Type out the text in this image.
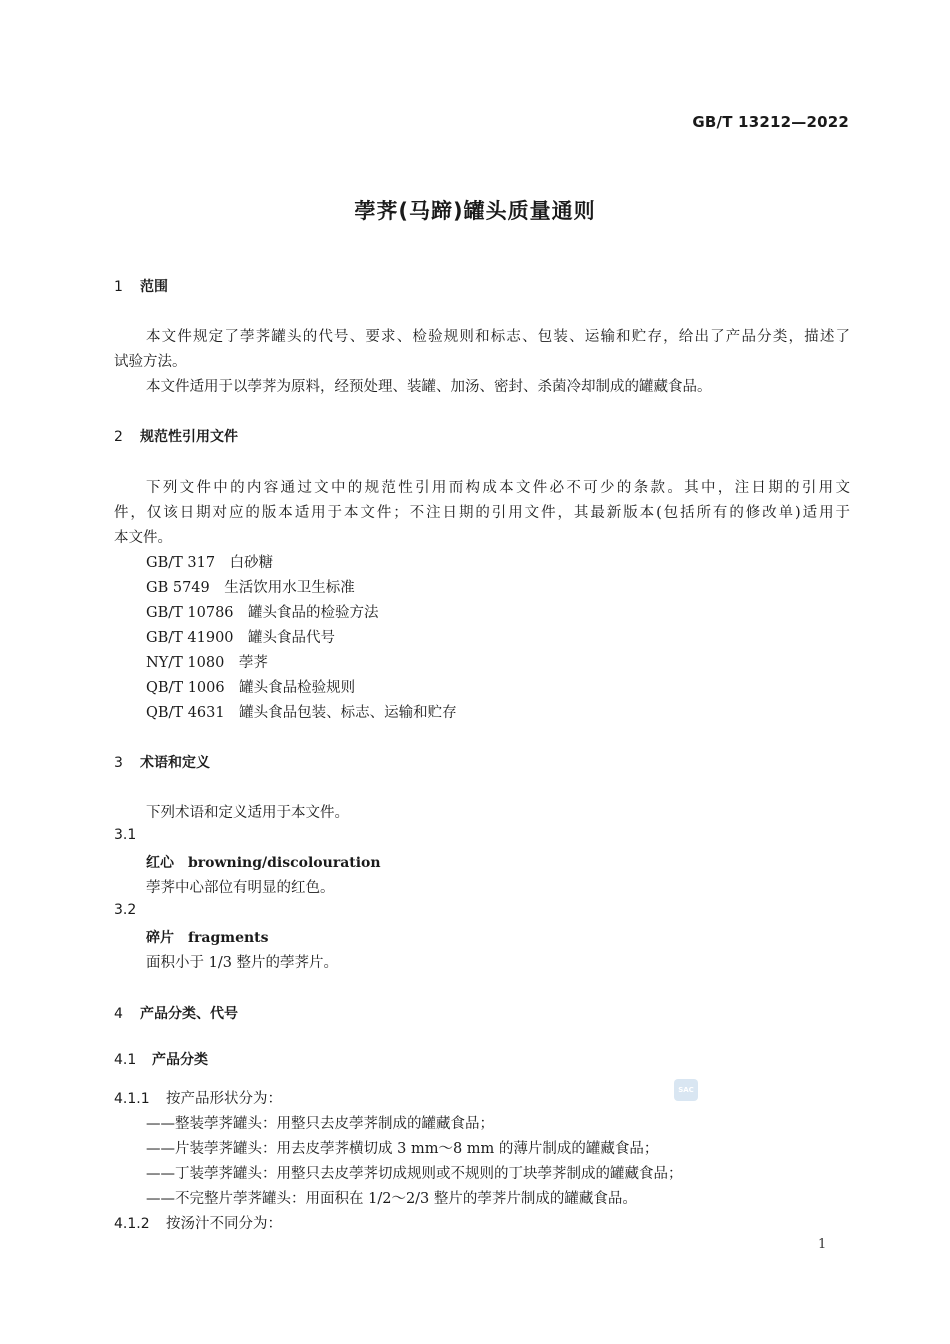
GB/T 13212—2022
荸荠(马蹄)罐头质量通则
1 范围
本文件规定了荸荠罐头的代号、要求、检验规则和标志、包装、运输和贮存，给出了产品分类，描述了
试验方法。
本文件适用于以荸荠为原料，经预处理、装罐、加汤、密封、杀菌冷却制成的罐藏食品。
2 规范性引用文件
下列文件中的内容通过文中的规范性引用而构成本文件必不可少的条款。其中，注日期的引用文
件，仅该日期对应的版本适用于本文件；不注日期的引用文件，其最新版本(包括所有的修改单)适用于
本文件。
GB/T 317　 白砂糖
GB 5749　 生活饮用水卫生标准
GB/T 10786　 罐头食品的检验方法
GB/T 41900　 罐头食品代号
NY/T 1080　 荸荠
QB/T 1006　 罐头食品检验规则
QB/T 4631　 罐头食品包装、标志、运输和贮存
3 术语和定义
下列术语和定义适用于本文件。
3.1
红心 browning/discolouration
荸荠中心部位有明显的红色。
3.2
碎片 fragments
面积小于 1/3 整片的荸荠片。
4 产品分类、代号
4.1 产品分类
4.1.1 按产品形状分为：
——整装荸荠罐头：用整只去皮荸荠制成的罐藏食品；
——片装荸荠罐头：用去皮荸荠横切成 3 mm～8 mm 的薄片制成的罐藏食品；
——丁装荸荠罐头：用整只去皮荸荠切成规则或不规则的丁块荸荠制成的罐藏食品；
——不完整片荸荠罐头：用面积在 1/2～2/3 整片的荸荠片制成的罐藏食品。
4.1.2 按汤汁不同分为：
SAC
1
